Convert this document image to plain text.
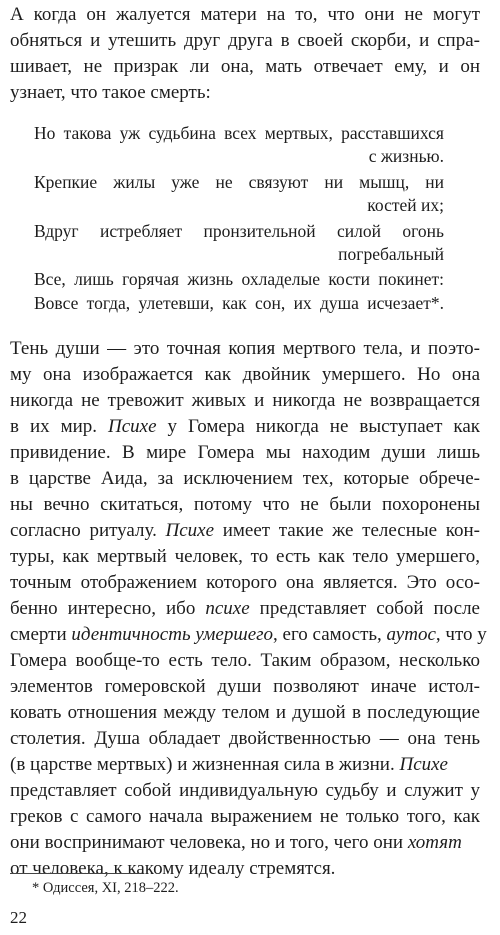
А когда он жалуется матери на то, что они не могут
обняться и утешить друг друга в своей скорби, и спра-
шивает, не призрак ли она, мать отвечает ему, и он
узнает, что такое смерть:
Но такова уж судьбина всех мертвых, расставшихся
с жизнью.
Крепкие жилы уже не связуют ни мышц, ни
костей их;
Вдруг истребляет пронзительной силой огонь
погребальный
Все, лишь горячая жизнь охладелые кости покинет:
Вовсе тогда, улетевши, как сон, их душа исчезает*.
Тень души — это точная копия мертвого тела, и поэто-
му она изображается как двойник умершего. Но она
никогда не тревожит живых и никогда не возвращается
в их мир. Психе у Гомера никогда не выступает как
привидение. В мире Гомера мы находим души лишь
в царстве Аида, за исключением тех, которые обрече-
ны вечно скитаться, потому что не были похоронены
согласно ритуалу. Психе имеет такие же телесные кон-
туры, как мертвый человек, то есть как тело умершего,
точным отображением которого она является. Это осо-
бенно интересно, ибо психе представляет собой после
смерти идентичность умершего, его самость, аутос, что у
Гомера вообще-то есть тело. Таким образом, несколько
элементов гомеровской души позволяют иначе истол-
ковать отношения между телом и душой в последующие
столетия. Душа обладает двойственностью — она тень
(в царстве мертвых) и жизненная сила в жизни. Психе
представляет собой индивидуальную судьбу и служит у
греков с самого начала выражением не только того, как
они воспринимают человека, но и того, чего они хотят
от человека, к какому идеалу стремятся.
* Одиссея, XI, 218–222.
22
